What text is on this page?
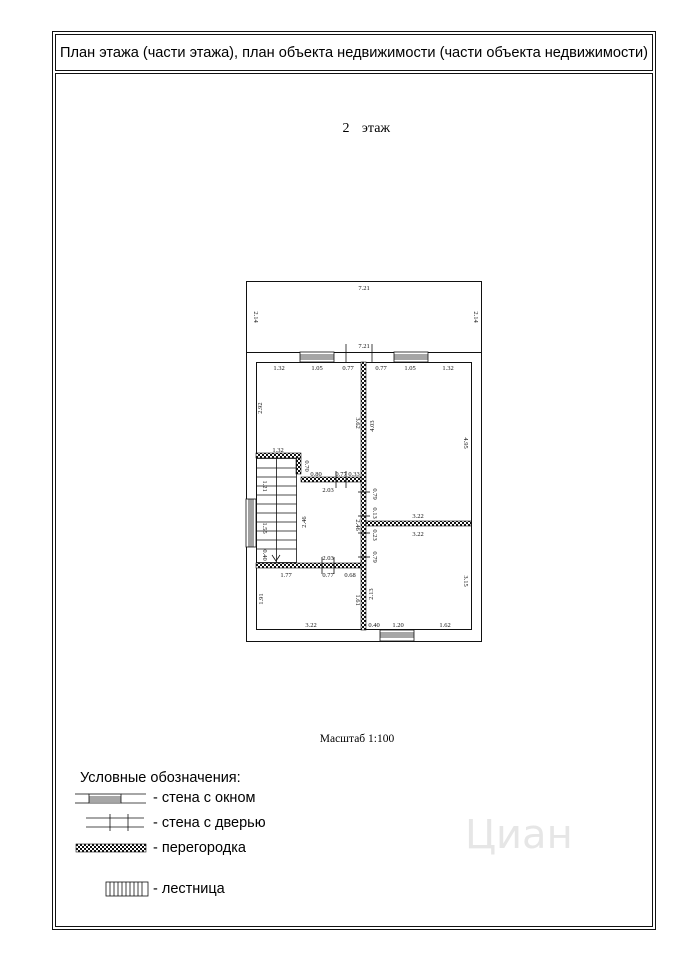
План этажа (части этажа), план объекта недвижимости (части объекта недвижимости)
2 этаж
7.21
2.14	2.14
7.21
1.32	1.05	0.77	0.77	1.05	1.32
2.92
3.62 4.03
4.95
1.32
0.70
0.80 0.77 0.33
2.03
1.21
1.55
0.40
2.46
0.79
0.13
2.46
0.23
0.79
3.22
3.22
2.03
1.77	0.77 0.68
1.91	1.61
2.13
3.15
3.22	0.40 1.20	1.62
Масштаб 1:100
Циан
Условные обозначения:
- стена с окном
- стена с дверью
- перегородка
- лестница
